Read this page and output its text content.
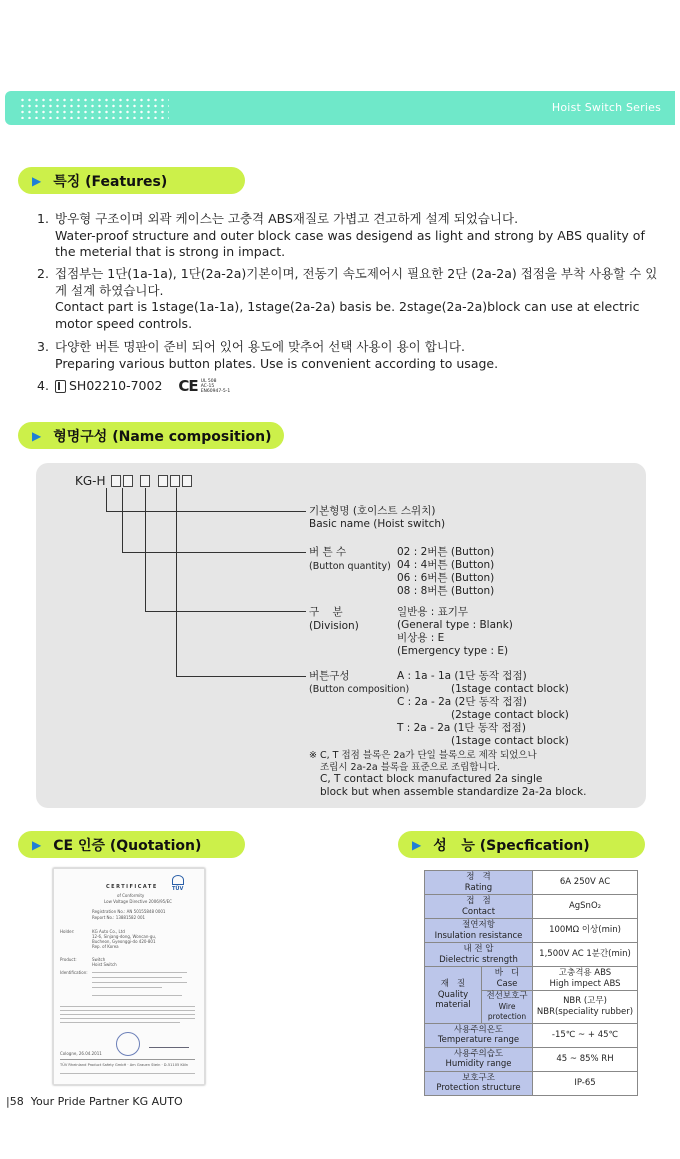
Hoist Switch Series
▶ 특징 (Features)
1. 방우형 구조이며 외곽 케이스는 고충격 ABS재질로 가볍고 견고하게 설계 되었습니다.
Water-proof structure and outer block case was desigend as light and strong by ABS quality of the meterial that is strong in impact.
2. 접점부는 1단(1a-1a), 1단(2a-2a)기본이며, 전동기 속도제어시 필요한 2단 (2a-2a) 접점을 부착 사용할 수 있게 설계 하였습니다.
Contact part is 1stage(1a-1a), 1stage(2a-2a) basis be. 2stage(2a-2a)block can use at electric motor speed controls.
3. 다양한 버튼 명판이 준비 되어 있어 용도에 맞추어 선택 사용이 용이 합니다.
Preparing various button plates. Use is convenient according to usage.
4. SH02210-7002 CE UL 508
AC-15
EN60947-5-1
▶ 형명구성 (Name composition)
KG-H
기본형명 (호이스트 스위치)
Basic name (Hoist switch)
버 튼 수
(Button quantity)
02 : 2버튼 (Button)
04 : 4버튼 (Button)
06 : 6버튼 (Button)
08 : 8버튼 (Button)
구    분
(Division)
일반용 : 표기무
(General type : Blank)
비상용 : E
(Emergency type : E)
버튼구성
(Button composition)
A : 1a - 1a (1단 동작 접점)
(1stage contact block)
C : 2a - 2a (2단 동작 접점)
(2stage contact block)
T : 2a - 2a (1단 동작 접점)
(1stage contact block)
※ C, T 접점 블록은 2a가 단일 블록으로 제작 되었으나
조립시 2a-2a 블록을 표준으로 조립합니다.
C, T contact block manufactured 2a single
block but when assemble standardize 2a-2a block.
▶ CE 인증 (Quotation)
CERTIFICATE	TÜV
of Conformity
Low Voltage Directive 2006/95/EC
Registration No.: AN 50155848 0001
Report No.: 13881582 001
Holder:	KG Auto Co., Ltd
12-6, Sinjang-dong, Woncan-gu,
Bucheon, Gyeonggi-do 420-801
Rep. of Korea
Product:	Switch
Hoist Switch
Identification:
Cologne, 26.04.2011
TÜV Rheinland Product Safety GmbH · Am Grauen Stein · D-51105 Köln
▶ 성   능 (Specfication)
정   격
Rating		6A 250V AC

접   점
Contact		AgSnO₂

절연저항
Insulation resistance		100MΩ 이상(min)

내 전 압
Dielectric strength		1,500V AC 1분간(min)

재   질
Quality
material	바   디
Case	고충격용 ABS
High impect ABS

	전선보호구
Wire protection	NBR (고무)
NBR(speciality rubber)

사용주의온도
Temperature range		-15℃ ~ + 45℃

사용주의습도
Humidity range		45 ~ 85% RH

보호구조
Protection structure		IP-65
|58  Your Pride Partner KG AUTO
